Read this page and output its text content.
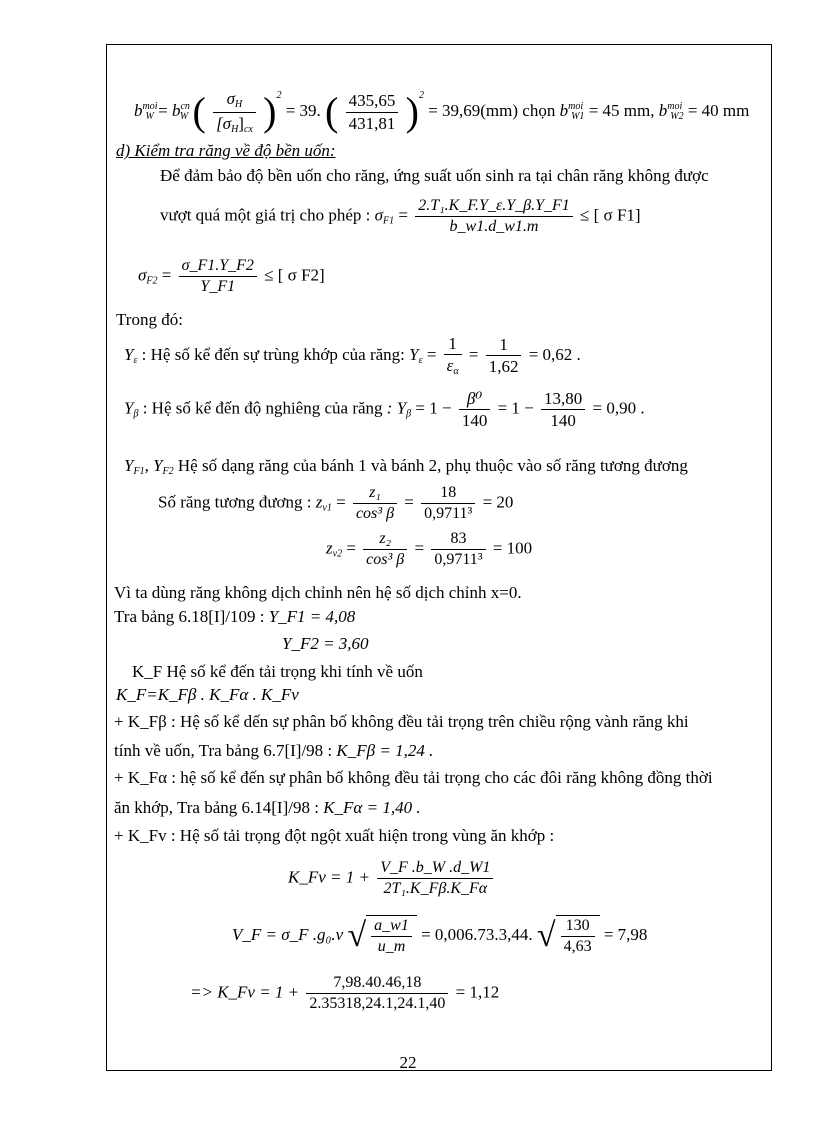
$b^{moi}_W = b^{cn}_W$ ( $\frac{\sigma_H}{[\sigma_H]_{cx}} )^2 = 39$. ( $\frac{435,65}{431,81} )^2 = 39,69(mm)$ chọn $b^{moi}_{W1} = 45$ mm, $b^{moi}_{W2} = 40$ mm
d) Kiểm tra răng về độ bền uốn:
Để đảm bảo độ bền uốn cho răng, ứng suất uốn sinh ra tại chân răng không được
vượt quá một giá trị cho phép : $\sigma_{F1} = \frac{\text{2.T₁.K\_F.Y\_ε.Y\_β.Y\_F1}}{b\_w1.d\_w1.m}$ ≤ [ σ F1]
$\sigma_{F2} = \frac{\sigma\_F1.Y\_F2}{Y\_F1}$ ≤ [ σ F2]
Trong đó:
$Y_\varepsilon$ : Hệ số kể đến sự trùng khớp của răng: $Y_\varepsilon = \frac{1}{\varepsilon_\alpha} = \frac{1}{1,62} = 0,62$ .
$Y_\beta$ : Hệ số kể đến độ nghiêng của răng : $Y_\beta = 1 - \frac{\text{β⁰}}{140} = 1 - \frac{13,80}{140} = 0,90$ .
$Y_{F1}$, $Y_{F2}$ Hệ số dạng răng của bánh 1 và bánh 2, phụ thuộc vào số răng tương đương
Số răng tương đương : $z_{v1} = \frac{\text{z₁}}{\text{cos³ β}} = \frac{18}{\text{0,9711³}} = 20$
$z_{v2} = \frac{\text{z₂}}{\text{cos³ β}} = \frac{83}{\text{0,9711³}} = 100$
Vì ta dùng răng không dịch chỉnh nên hệ số dịch chỉnh x=0.
Tra bảng 6.18[I]/109 : Y_F1 = 4,08
Y_F2 = 3,60
K_F Hệ số kể đến tải trọng khi tính về uốn
K_F=K_Fβ . K_Fα . K_Fv
+ K_Fβ : Hệ số kể dến sự phân bố không đều tải trọng trên chiều rộng vành răng khi
tính về uốn, Tra bảng 6.7[I]/98 : K_Fβ = 1,24 .
+ K_Fα : hệ số kể đến sự phân bố không đều tải trọng cho các đôi răng không đồng thời
ăn khớp, Tra bảng 6.14[I]/98 : K_Fα = 1,40 .
+ K_Fv : Hệ số tải trọng đột ngột xuất hiện trong vùng ăn khớp :
K_Fv = $1 + \frac{V\_F .b\_W .d\_W1}{\text{2T₁.K\_Fβ.K\_Fα}}$
V_F = σ_F .g₀.v √ $\frac{a\_w1}{u\_m} = 0,006.73.3,44$. √ $\frac{130}{4,63} = 7,98$
=> K_Fv = $1 + \frac{7,98.40.46,18}{2.35318,24.1,24.1,40} = 1,12$
22
